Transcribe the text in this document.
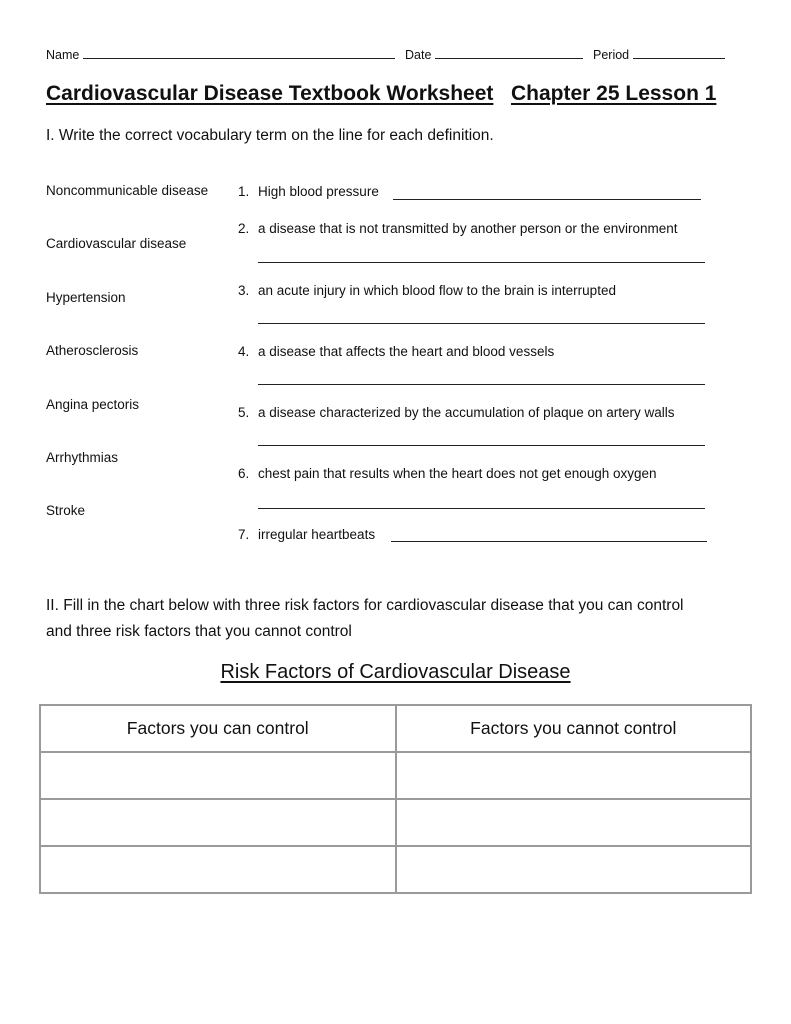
Name	Date	Period
Cardiovascular Disease Textbook Worksheet Chapter 25 Lesson 1
I. Write the correct vocabulary term on the line for each definition.
Noncommunicable disease
Cardiovascular disease
Hypertension
Atherosclerosis
Angina pectoris
Arrhythmias
Stroke
1. High blood pressure
2. a disease that is not transmitted by another person or the environment
3. an acute injury in which blood flow to the brain is interrupted
4. a disease that affects the heart and blood vessels
5. a disease characterized by the accumulation of plaque on artery walls
6. chest pain that results when the heart does not get enough oxygen
7. irregular heartbeats
II. Fill in the chart below with three risk factors for cardiovascular disease that you can control
and three risk factors that you cannot control
Risk Factors of Cardiovascular Disease
Factors you can control	Factors you cannot control
